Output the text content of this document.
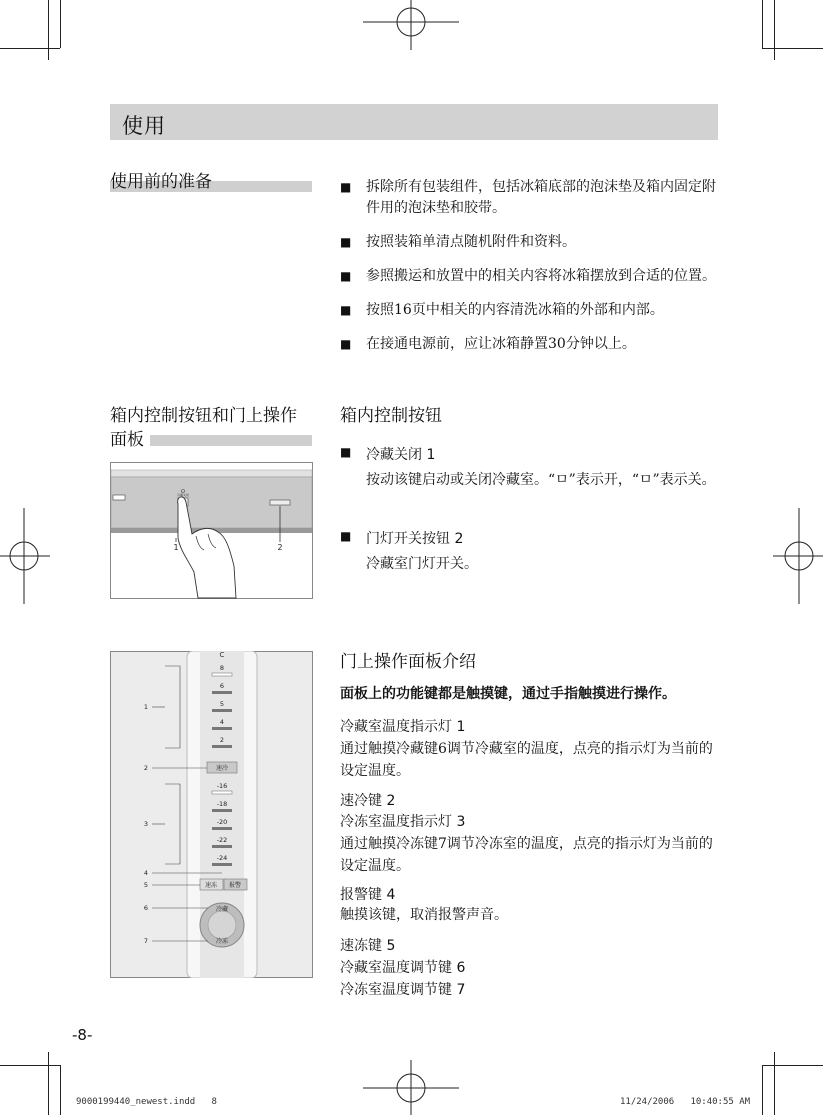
使用
使用前的准备
■	拆除所有包装组件，包括冰箱底部的泡沫垫及箱内固定附件用的泡沫垫和胶带。
■ 按照装箱单清点随机附件和资料。
■ 参照搬运和放置中的相关内容将冰箱摆放到合适的位置。
■ 按照16页中相关的内容清洗冰箱的外部和内部。
■ 在接通电源前，应让冰箱静置30分钟以上。
箱内控制按钮和门上操作
面板
冷藏关闭
1	2
箱内控制按钮
■ 冷藏关闭 1
按动该键启动或关闭冷藏室。“ㅁ”表示开，“ㅁ”表示关。
■ 门灯开关按钮 2
冷藏室门灯开关。
C
8
6
5
4
2
速冷
-16
-18
-20
-22
-24
速冻 报警
冷藏
冷冻
1
2
3
4
5
6
7
门上操作面板介绍
面板上的功能键都是触摸键，通过手指触摸进行操作。
冷藏室温度指示灯 1
通过触摸冷藏键6调节冷藏室的温度，点亮的指示灯为当前的设定温度。
速冷键 2
冷冻室温度指示灯 3
通过触摸冷冻键7调节冷冻室的温度，点亮的指示灯为当前的设定温度。
报警键 4
触摸该键，取消报警声音。
速冻键 5
冷藏室温度调节键 6
冷冻室温度调节键 7
-8-
9000199440_newest.indd   8	11/24/2006   10:40:55 AM
